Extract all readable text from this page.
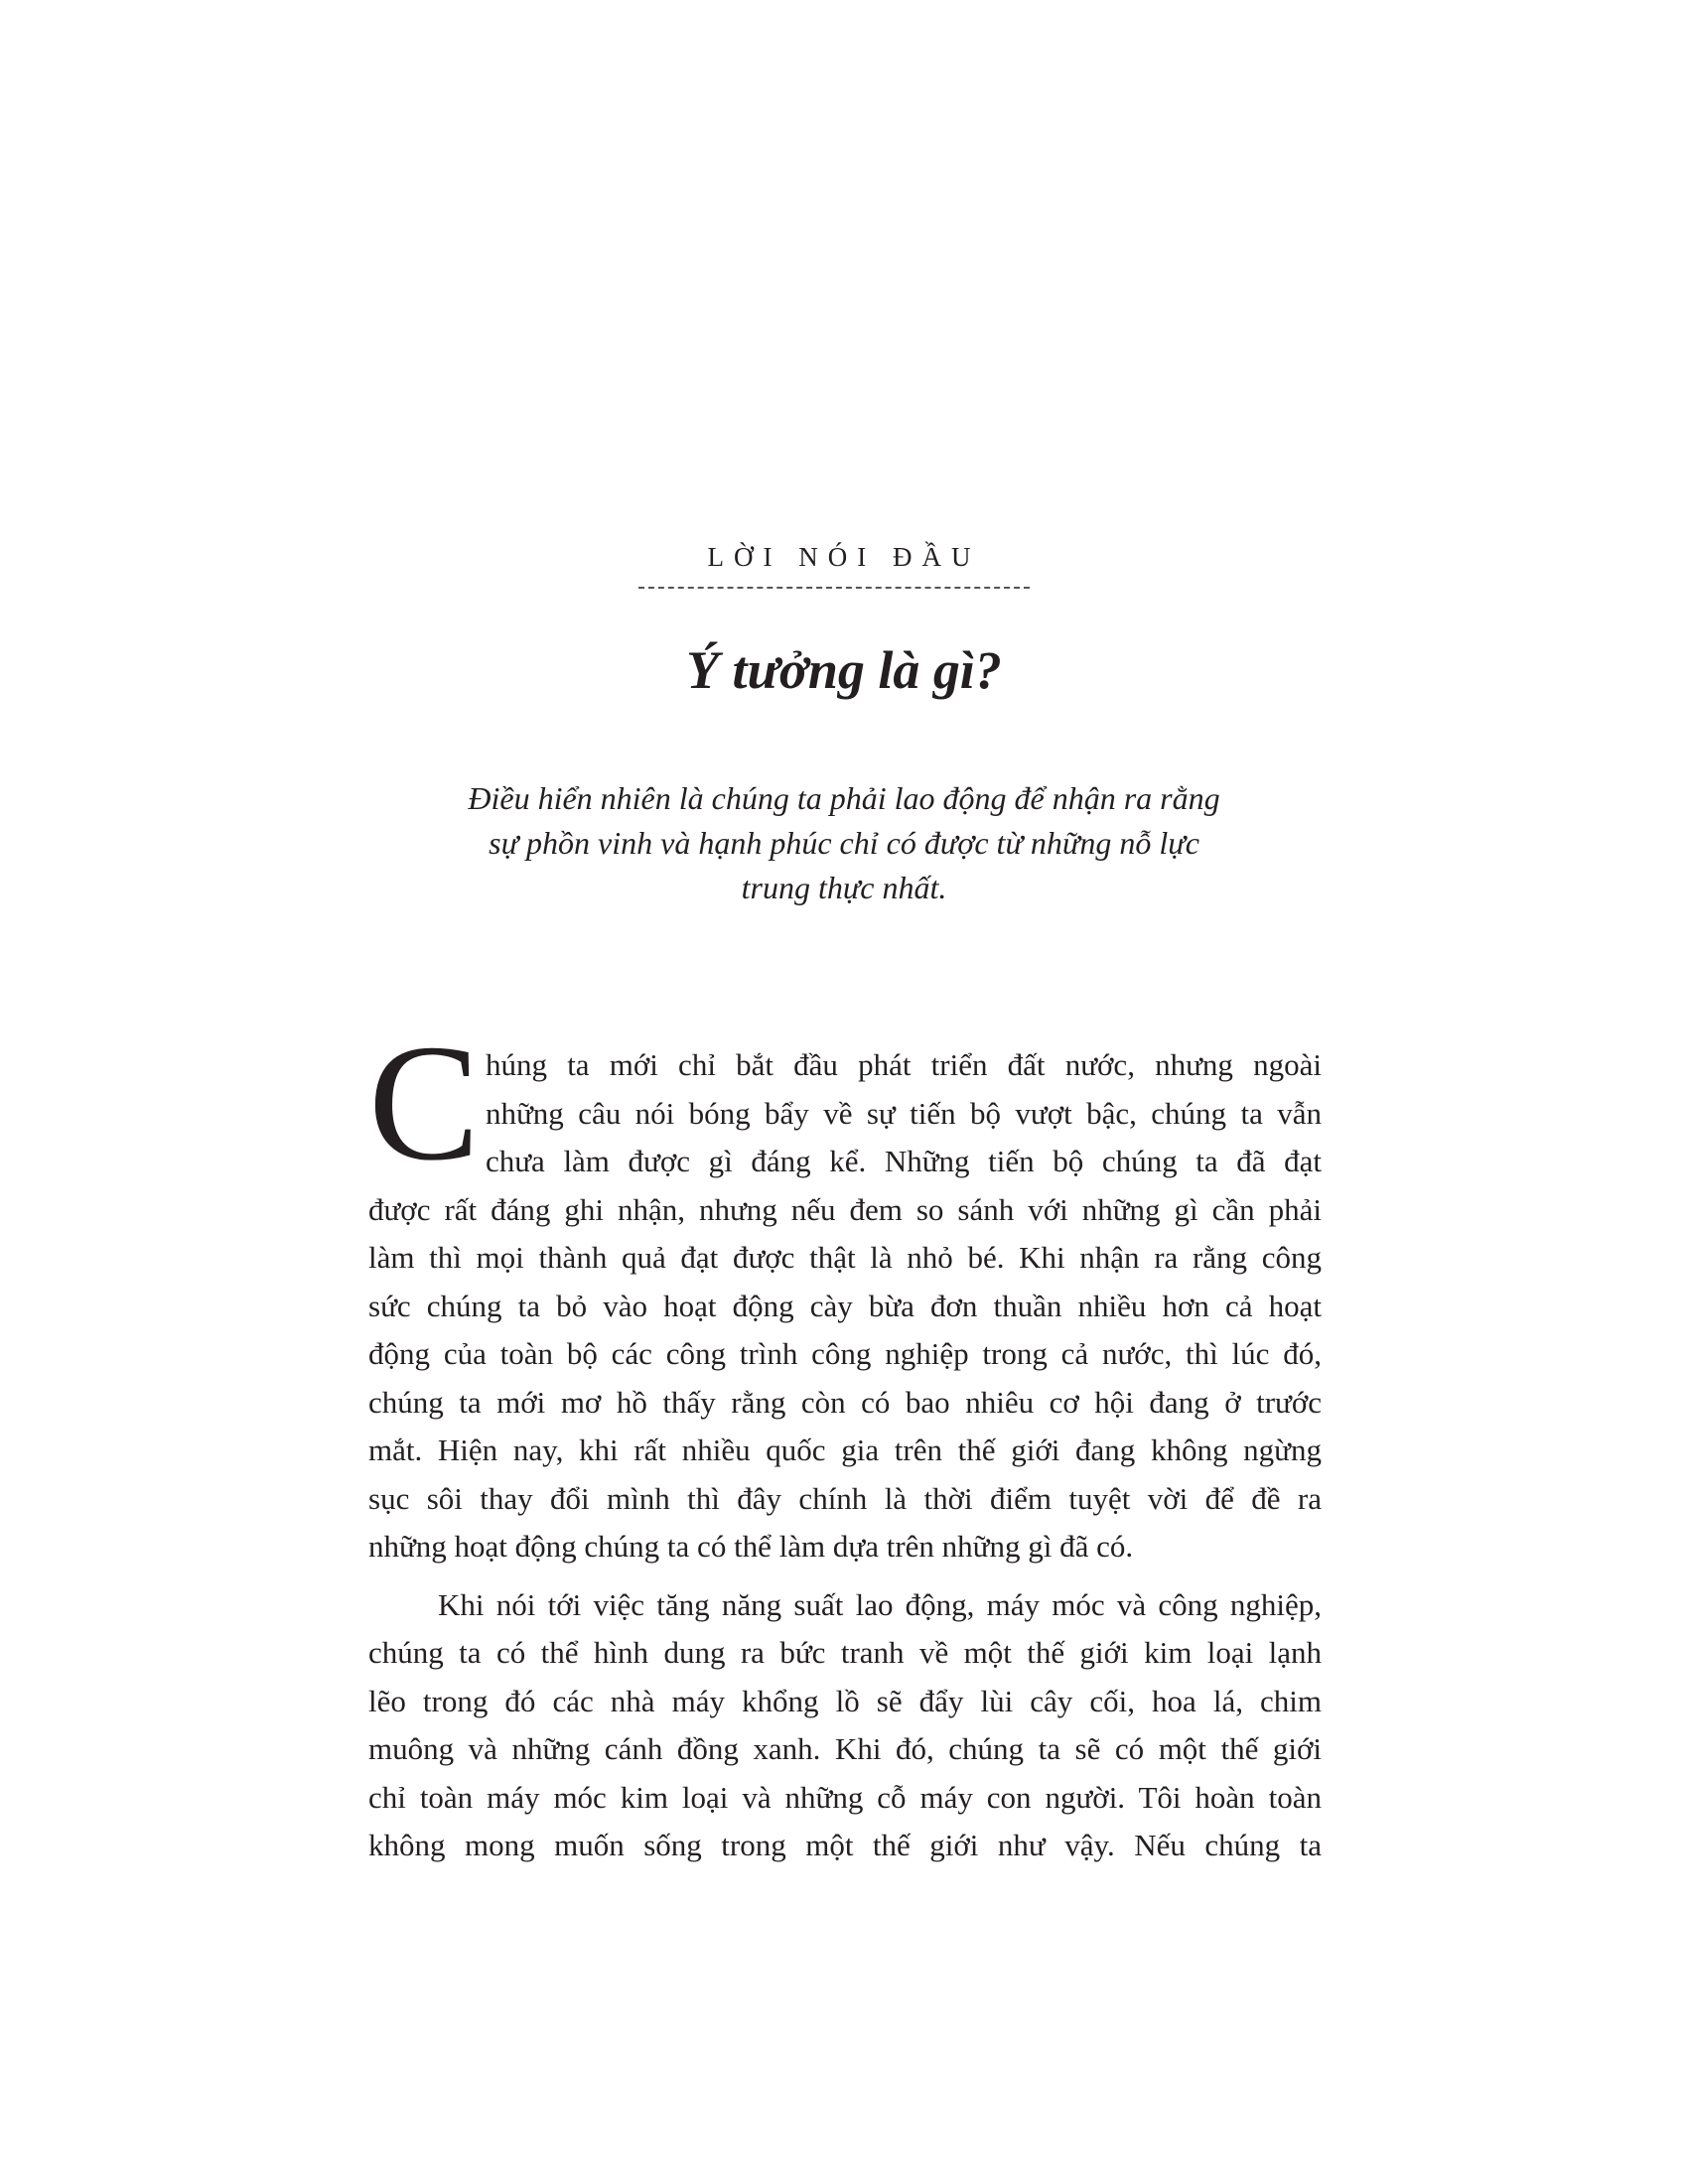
LỜI NÓI ĐẦU
Ý tưởng là gì?
Điều hiển nhiên là chúng ta phải lao động để nhận ra rằng
sự phồn vinh và hạnh phúc chỉ có được từ những nỗ lực
trung thực nhất.
C húng ta mới chỉ bắt đầu phát triển đất nước, nhưng ngoài
những câu nói bóng bẩy về sự tiến bộ vượt bậc, chúng ta vẫn
chưa làm được gì đáng kể. Những tiến bộ chúng ta đã đạt
được rất đáng ghi nhận, nhưng nếu đem so sánh với những gì cần phải
làm thì mọi thành quả đạt được thật là nhỏ bé. Khi nhận ra rằng công
sức chúng ta bỏ vào hoạt động cày bừa đơn thuần nhiều hơn cả hoạt
động của toàn bộ các công trình công nghiệp trong cả nước, thì lúc đó,
chúng ta mới mơ hồ thấy rằng còn có bao nhiêu cơ hội đang ở trước
mắt. Hiện nay, khi rất nhiều quốc gia trên thế giới đang không ngừng
sục sôi thay đổi mình thì đây chính là thời điểm tuyệt vời để đề ra
những hoạt động chúng ta có thể làm dựa trên những gì đã có.
Khi nói tới việc tăng năng suất lao động, máy móc và công nghiệp,
chúng ta có thể hình dung ra bức tranh về một thế giới kim loại lạnh
lẽo trong đó các nhà máy khổng lồ sẽ đẩy lùi cây cối, hoa lá, chim
muông và những cánh đồng xanh. Khi đó, chúng ta sẽ có một thế giới
chỉ toàn máy móc kim loại và những cỗ máy con người. Tôi hoàn toàn
không mong muốn sống trong một thế giới như vậy. Nếu chúng ta
